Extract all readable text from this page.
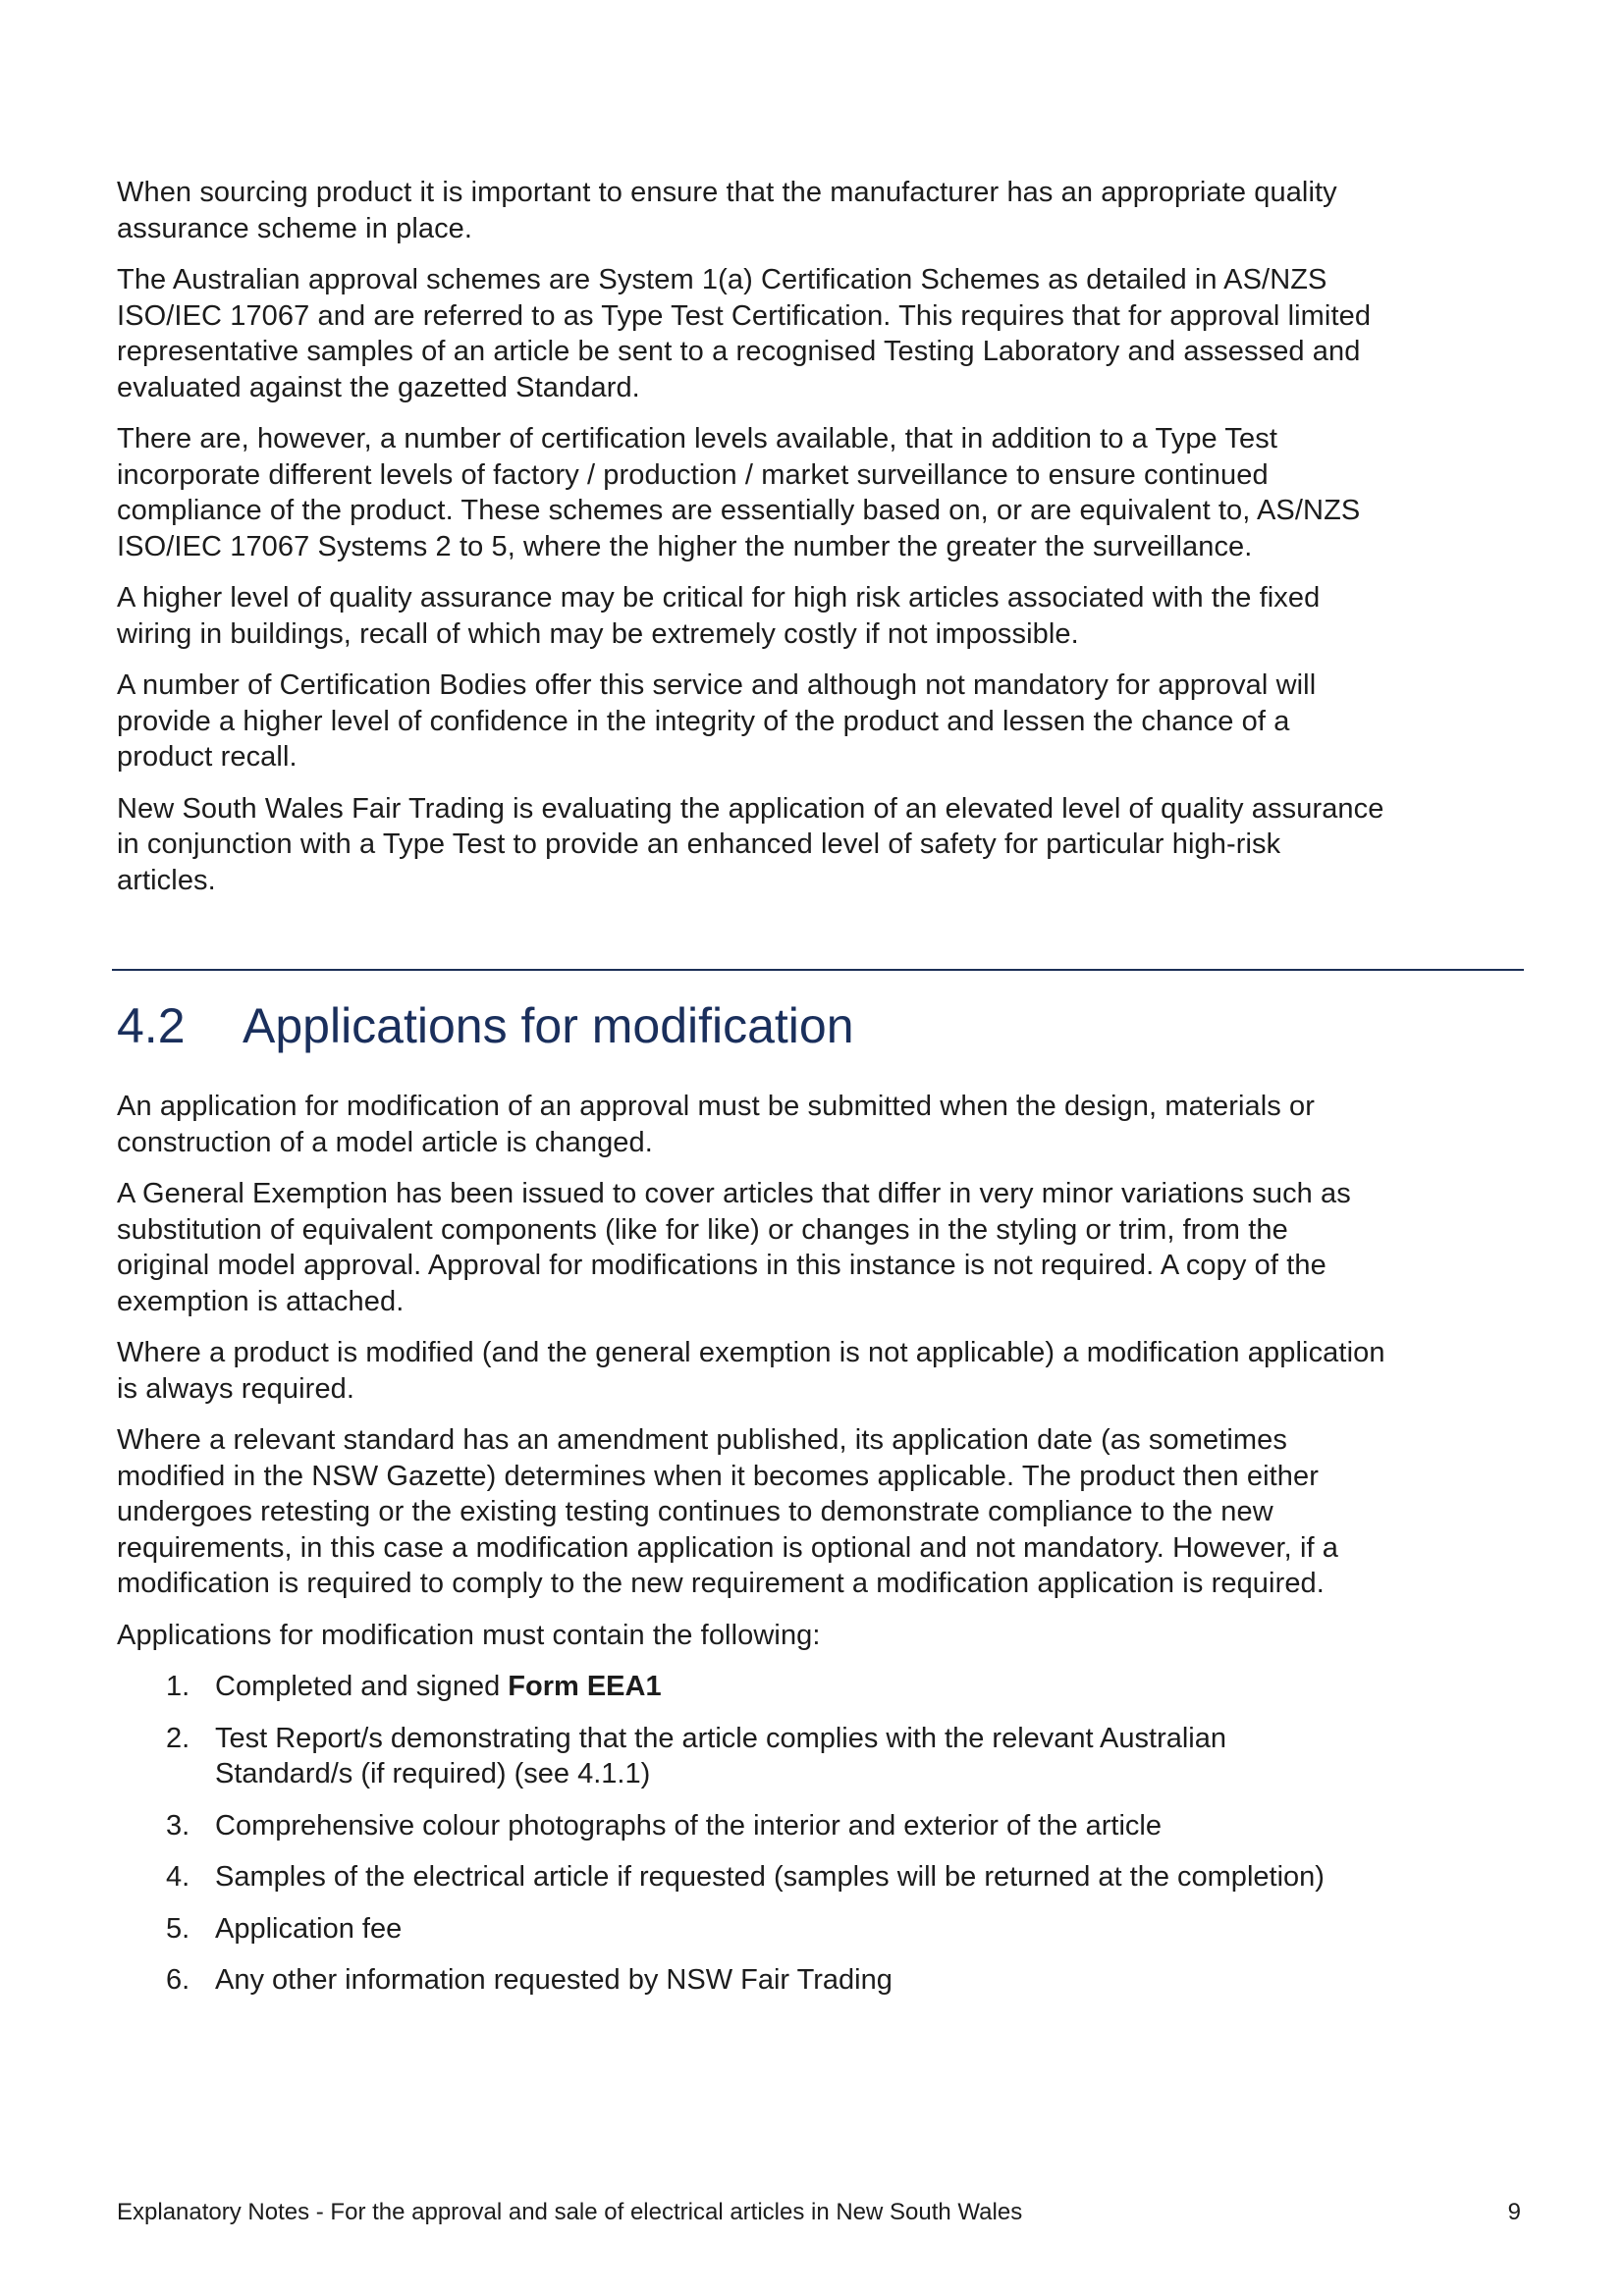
When sourcing product it is important to ensure that the manufacturer has an appropriate quality
assurance scheme in place.

The Australian approval schemes are System 1(a) Certification Schemes as detailed in AS/NZS
ISO/IEC 17067 and are referred to as Type Test Certification. This requires that for approval limited
representative samples of an article be sent to a recognised Testing Laboratory and assessed and
evaluated against the gazetted Standard.

There are, however, a number of certification levels available, that in addition to a Type Test
incorporate different levels of factory / production / market surveillance to ensure continued
compliance of the product. These schemes are essentially based on, or are equivalent to, AS/NZS
ISO/IEC 17067 Systems 2 to 5, where the higher the number the greater the surveillance.

A higher level of quality assurance may be critical for high risk articles associated with the fixed
wiring in buildings, recall of which may be extremely costly if not impossible.

A number of Certification Bodies offer this service and although not mandatory for approval will
provide a higher level of confidence in the integrity of the product and lessen the chance of a
product recall.

New South Wales Fair Trading is evaluating the application of an elevated level of quality assurance
in conjunction with a Type Test to provide an enhanced level of safety for particular high-risk
articles.

4.2	Applications for modification

An application for modification of an approval must be submitted when the design, materials or
construction of a model article is changed.

A General Exemption has been issued to cover articles that differ in very minor variations such as
substitution of equivalent components (like for like) or changes in the styling or trim, from the
original model approval. Approval for modifications in this instance is not required. A copy of the
exemption is attached.

Where a product is modified (and the general exemption is not applicable) a modification application
is always required.

Where a relevant standard has an amendment published, its application date (as sometimes
modified in the NSW Gazette) determines when it becomes applicable. The product then either
undergoes retesting or the existing testing continues to demonstrate compliance to the new
requirements, in this case a modification application is optional and not mandatory. However, if a
modification is required to comply to the new requirement a modification application is required.

Applications for modification must contain the following:

1. Completed and signed Form EEA1
2. Test Report/s demonstrating that the article complies with the relevant Australian
Standard/s (if required) (see 4.1.1)
3. Comprehensive colour photographs of the interior and exterior of the article
4. Samples of the electrical article if requested (samples will be returned at the completion)
5. Application fee
6. Any other information requested by NSW Fair Trading
Explanatory Notes - For the approval and sale of electrical articles in New South Wales	9
